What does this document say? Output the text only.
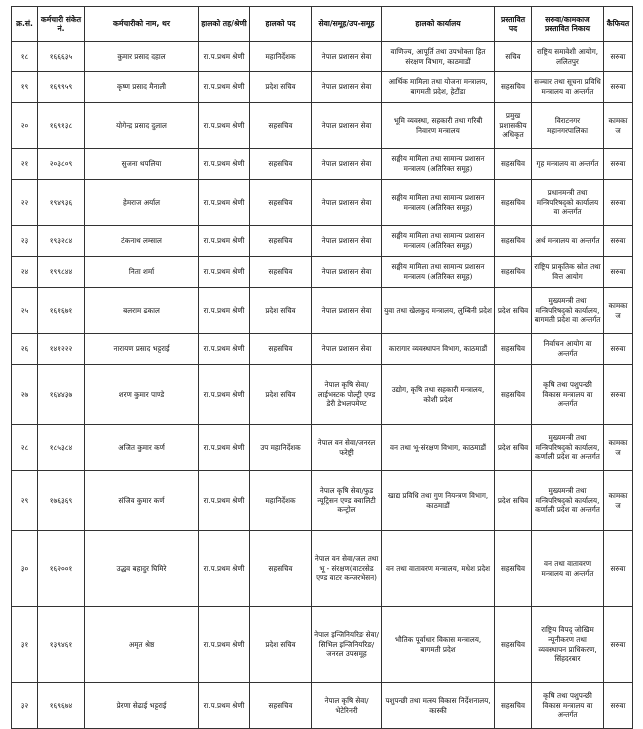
क्र.सं.	कर्मचारी संकेत नं.	कर्मचारीको नाम, थर	हालको तह/श्रेणी	हालको पद	सेवा/समूह/उप-समूह	हालको कार्यालय	प्रस्तावित पद	सरुवा/कामकाज प्रस्तावित निकाय	कैफियत
१८	१६६६३५	कुमार प्रसाद दहाल	रा.प.प्रथम श्रेणी	महानिर्देशक	नेपाल प्रशासन सेवा	वाणिज्य, आपूर्ति तथा उपभोक्ता हित संरक्षण विभाग, काठमाडौं	सचिव	राष्ट्रिय समावेशी आयोग, ललितपुर	सरुवा
१९	१६९९५९	कृष्ण प्रसाद मैनाली	रा.प.प्रथम श्रेणी	प्रदेश सचिव	नेपाल प्रशासन सेवा	आर्थिक मामिला तथा योजना मन्त्रालय, बागमती प्रदेश, हेटौंडा	सहसचिव	सञ्चार तथा सूचना प्रविधि मन्त्रालय वा अन्तर्गत	सरुवा
२०	१६९१३८	योगेन्द्र प्रसाद दुलाल	रा.प.प्रथम श्रेणी	सहसचिव	नेपाल प्रशासन सेवा	भूमि व्यवस्था, सहकारी तथा गरिबी निवारण मन्त्रालय	प्रमुख प्रशासकीय अधिकृत	विराटनगर महानगरपालिका	कामकाज
२१	२०३८०९	सुजना थपलिया	रा.प.प्रथम श्रेणी	सहसचिव	नेपाल प्रशासन सेवा	सङ्घीय मामिला तथा सामान्य प्रशासन मन्त्रालय (अतिरिक्त समूह)	सहसचिव	गृह मन्त्रालय वा अन्तर्गत	सरुवा
२२	१९४९३६	हेमराज अर्याल	रा.प.प्रथम श्रेणी	सहसचिव	नेपाल प्रशासन सेवा	सङ्घीय मामिला तथा सामान्य प्रशासन मन्त्रालय (अतिरिक्त समूह)	सहसचिव	प्रधानमन्त्री तथा मन्त्रिपरिषद्को कार्यालय वा अन्तर्गत	सरुवा
२३	१९३२८४	टंकनाथ लम्साल	रा.प.प्रथम श्रेणी	सहसचिव	नेपाल प्रशासन सेवा	सङ्घीय मामिला तथा सामान्य प्रशासन मन्त्रालय (अतिरिक्त समूह)	सहसचिव	अर्थ मन्त्रालय वा अन्तर्गत	सरुवा
२४	१९९८४४	निता शर्मा	रा.प.प्रथम श्रेणी	सहसचिव	नेपाल प्रशासन सेवा	सङ्घीय मामिला तथा सामान्य प्रशासन मन्त्रालय (अतिरिक्त समूह)	सहसचिव	राष्ट्रिय प्राकृतिक स्रोत तथा वित्त आयोग	सरुवा
२५	१६१६७१	बलराम ढकाल	रा.प.प्रथम श्रेणी	प्रदेश सचिव	नेपाल प्रशासन सेवा	युवा तथा खेलकुद मन्त्रालय, लुम्बिनी प्रदेश	प्रदेश सचिव	मुख्यमन्त्री तथा मन्त्रिपरिषद्को कार्यालय, बागमती प्रदेश वा अन्तर्गत	कामकाज
२६	१४१२२२	नारायण प्रसाद भट्टराई	रा.प.प्रथम श्रेणी	सहसचिव	नेपाल प्रशासन सेवा	कारागार व्यवस्थापन विभाग, काठमाडौं	सहसचिव	निर्वाचन आयोग वा अन्तर्गत	सरुवा
२७	१६४४३७	शरण कुमार पाण्डे	रा.प.प्रथम श्रेणी	प्रदेश सचिव	नेपाल कृषि सेवा/लाईभस्टक पोल्ट्री एण्ड डेरी डेभलपमेण्ट	उद्योग, कृषि तथा सहकारी मन्त्रालय, कोशी प्रदेश	सहसचिव	कृषि तथा पशुपन्छी विकास मन्त्रालय वा अन्तर्गत	सरुवा
२८	१८५३८४	अजित कुमार कर्ण	रा.प.प्रथम श्रेणी	उप महानिर्देशक	नेपाल वन सेवा/जनरल फरेष्ट्री	वन तथा भू-संरक्षण विभाग, काठमाडौं	प्रदेश सचिव	मुख्यमन्त्री तथा मन्त्रिपरिषद्को कार्यालय, कर्णाली प्रदेश वा अन्तर्गत	कामकाज
२९	१७६३६९	संजिव कुमार कर्ण	रा.प.प्रथम श्रेणी	महानिर्देशक	नेपाल कृषि सेवा/फुड न्यूट्रिसन एण्ड क्वालिटी कन्ट्रोल	खाद्य प्रविधि तथा गुण नियन्त्रण विभाग, काठमाडौं	प्रदेश सचिव	मुख्यमन्त्री तथा मन्त्रिपरिषद्को कार्यालय, कर्णाली प्रदेश वा अन्तर्गत	कामकाज
३०	१६२००१	उद्धव बहादुर घिमिरे	रा.प.प्रथम श्रेणी	सहसचिव	नेपाल वन सेवा/जल तथा भू - संरक्षण(वाटरसेड एण्ड वाटर कन्जरभेसन)	वन तथा वातावरण मन्त्रालय, मधेश प्रदेश	सहसचिव	वन तथा वातावरण मन्त्रालय वा अन्तर्गत	सरुवा
३१	१३९४६१	अमृत श्रेष्ठ	रा.प.प्रथम श्रेणी	प्रदेश सचिव	नेपाल इन्जिनियरिङ सेवा/सिभिल इन्जिनियरिङ/जनरल उपसमूह	भौतिक पूर्वाधार विकास मन्त्रालय, बागमती प्रदेश	सहसचिव	राष्ट्रिय विपद् जोखिम न्यूनीकरण तथा व्यवस्थापन प्राधिकरण, सिंहदरबार	सरुवा
३२	१६९६७४	प्रेरणा सेढाई भट्टराई	रा.प.प्रथम श्रेणी	सहसचिव	नेपाल कृषि सेवा/भेटेरिनरी	पशुपन्छी तथा मत्स्य विकास निर्देशनालय, कास्की	सहसचिव	कृषि तथा पशुपन्छी विकास मन्त्रालय वा अन्तर्गत	सरुवा
